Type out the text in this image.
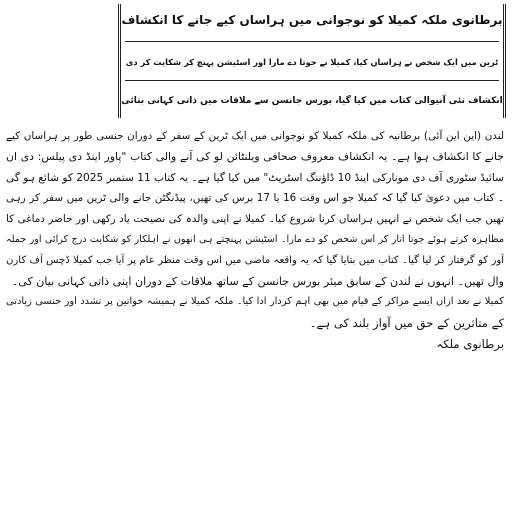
برطانوی ملکہ کمیلا کو نوجوانی میں ہراساں کیے جانے کا انکشاف
ٹرین میں ایک شخص نے ہراساں کیا، کمیلا نے جوتا دے مارا اور اسٹیشن پہنچ کر شکایت کر دی
انکشاف نئی آنیوالی کتاب میں کیا گیا، بورس جانسن سے ملاقات میں ذاتی کہانی بتائی

لندن (این این آئی) برطانیہ کی ملکہ کمیلا کو نوجوانی میں ایک ٹرین کے سفر کے دوران جنسی طور پر ہراساں کیے

جانے کا انکشاف ہوا ہے۔ یہ انکشاف معروف صحافی ویلنٹائن لو کی آنے والی کتاب "پاور اینڈ دی پیلس: دی ان

سائیڈ سٹوری آف دی مونارکی اینڈ 10 ڈاؤننگ اسٹریٹ" میں کیا گیا ہے۔ یہ کتاب 11 ستمبر 2025 کو شائع ہو گی

۔ کتاب میں دعویٰ کیا گیا کہ کمیلا جو اس وقت 16 یا 17 برس کی تھیں، پیڈنگٹن جانے والی ٹرین میں سفر کر رہی

تھیں جب ایک شخص نے انہیں ہراساں کرنا شروع کیا۔ کمیلا نے اپنی والدہ کی نصیحت یاد رکھی اور حاضر دماغی کا

مظاہرہ کرتے ہوئے جوتا اتار کر اس شخص کو دے مارا۔ اسٹیشن پہنچتے ہی انھوں نے اہلکار کو شکایت درج کرائی اور حملہ

آور کو گرفتار کر لیا گیا۔ کتاب میں بتایا گیا کہ یہ واقعہ ماضی میں اس وقت منظر عام پر آیا جب کمیلا ڈچس آف کارن

وال تھیں۔ انہوں نے لندن کے سابق میئر بورس جانسن کے ساتھ ملاقات کے دوران اپنی ذاتی کہانی بیان کی۔

کمیلا نے بعد ازاں ایسے مراکز کے قیام میں بھی اہم کردار ادا کیا۔ ملکہ کمیلا نے ہمیشہ خواتین پر تشدد اور جنسی زیادتی

کے متاثرین کے حق میں آواز بلند کی ہے۔

برطانوی ملکہ
